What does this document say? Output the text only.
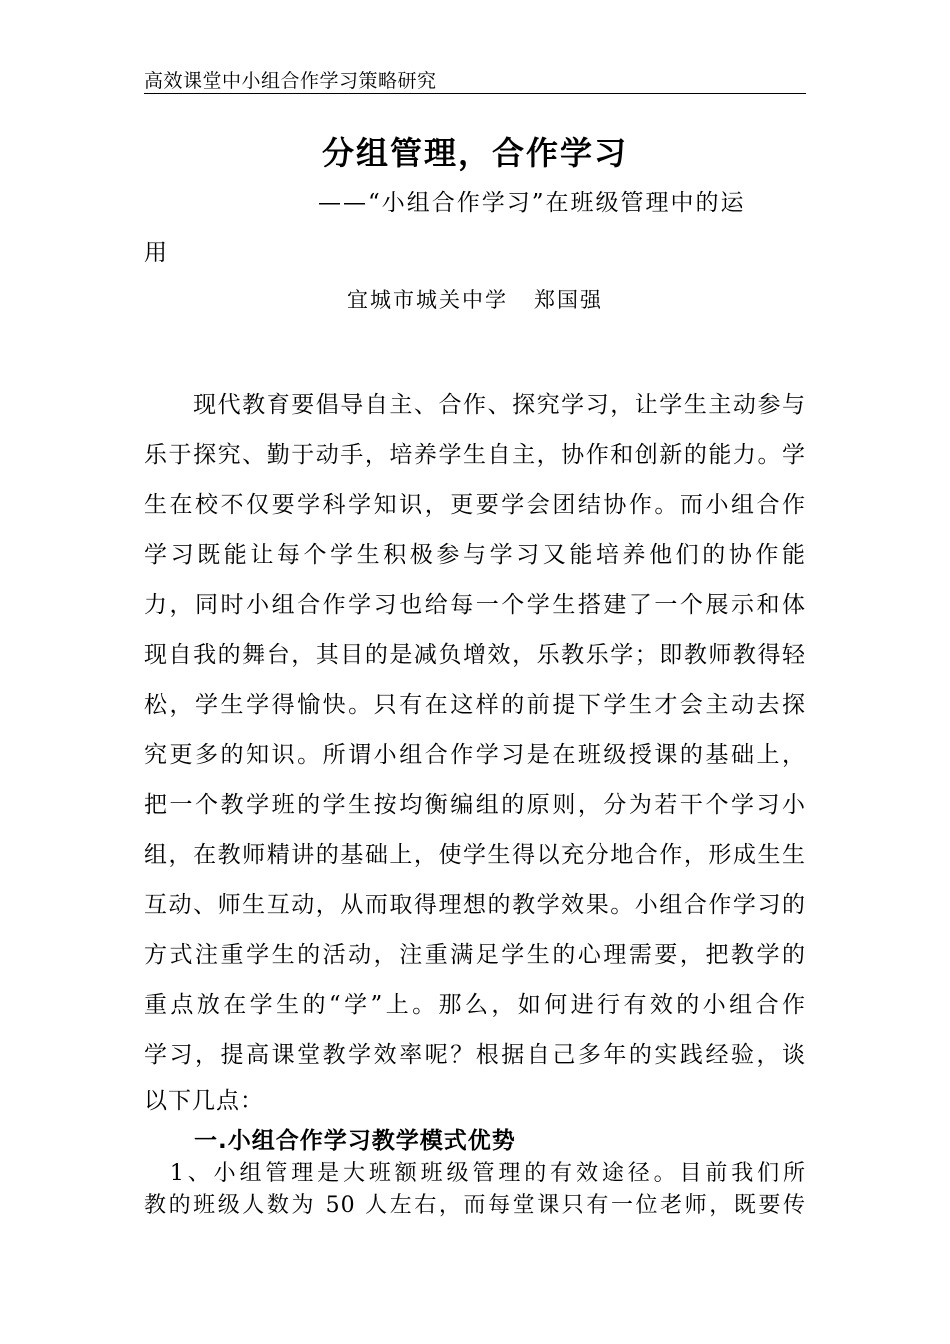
高效课堂中小组合作学习策略研究
分组管理，合作学习
——“小组合作学习”在班级管理中的运
用
宜城市城关中学   郑国强
　　现代教育要倡导自主、合作、探究学习，让学生主动参与
乐于探究、勤于动手，培养学生自主，协作和创新的能力。学
生在校不仅要学科学知识，更要学会团结协作。而小组合作
学习既能让每个学生积极参与学习又能培养他们的协作能
力，同时小组合作学习也给每一个学生搭建了一个展示和体
现自我的舞台，其目的是减负增效，乐教乐学；即教师教得轻
松，学生学得愉快。只有在这样的前提下学生才会主动去探
究更多的知识。所谓小组合作学习是在班级授课的基础上，
把一个教学班的学生按均衡编组的原则，分为若干个学习小
组，在教师精讲的基础上，使学生得以充分地合作，形成生生
互动、师生互动，从而取得理想的教学效果。小组合作学习的
方式注重学生的活动，注重满足学生的心理需要，把教学的
重点放在学生的“学”上。那么，如何进行有效的小组合作
学习，提高课堂教学效率呢？根据自己多年的实践经验，谈
以下几点：
一.小组合作学习教学模式优势
　1、小组管理是大班额班级管理的有效途径。目前我们所
教的班级人数为 50 人左右，而每堂课只有一位老师，既要传
